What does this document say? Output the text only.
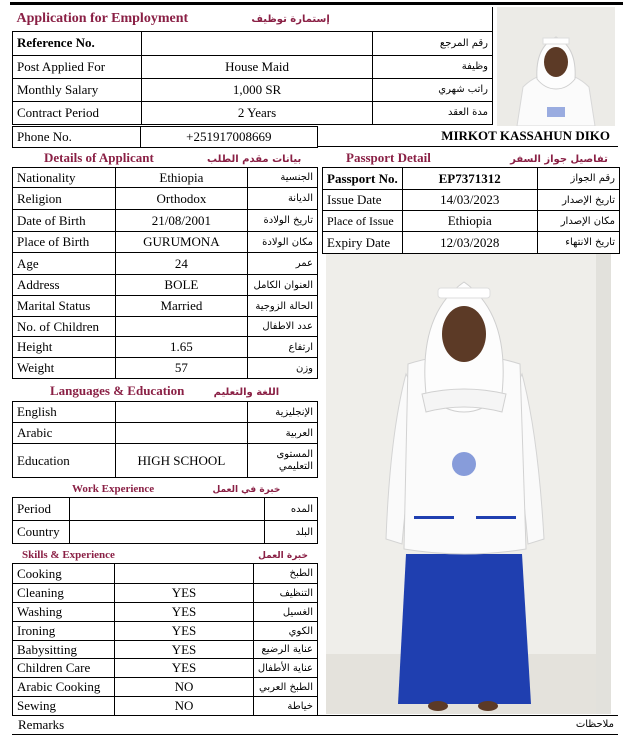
Application for Employment إستمارة توظيف		
Reference No.		رقم المرجع
Post Applied For	House Maid	وظيفة
Monthly Salary	1,000 SR	راتب شهري
Contract Period	2 Years	مدة العقد
Phone No.	+251917008669	MIRKOT KASSAHUN DIKO
Details of Applicant	بيانات مقدم الطلب
Nationality	Ethiopia	الجنسية
Religion	Orthodox	الديانة
Date of Birth	21/08/2001	تاريخ الولادة
Place of Birth	GURUMONA	مكان الولادة
Age	24	عمر
Address	BOLE	العنوان الكامل
Marital Status	Married	الحالة الزوجية
No. of Children		عدد الاطفال
Height	1.65	ارتفاع
Weight	57	وزن
Languages & Education	اللغة والتعليم
English		الإنجليزية
Arabic		العربية
Education	HIGH SCHOOL	المستوى التعليمي
Work Experience	خبرة في العمل
Period		المده
Country		البلد
Skills & Experience	خبرة العمل
Cooking		الطبخ
Cleaning	YES	التنظيف
Washing	YES	الغسيل
Ironing	YES	الكوي
Babysitting	YES	عناية الرضيع
Children Care	YES	عناية الأطفال
Arabic Cooking	NO	الطبخ العربي
Sewing	NO	خياطة
Remarks	ملاحظات
Passport Detail	تفاصيل جواز السفر
Passport No.	EP7371312	رقم الجواز
Issue Date	14/03/2023	تاريخ الإصدار
Place of Issue	Ethiopia	مكان الإصدار
Expiry Date	12/03/2028	تاريخ الانتهاء
